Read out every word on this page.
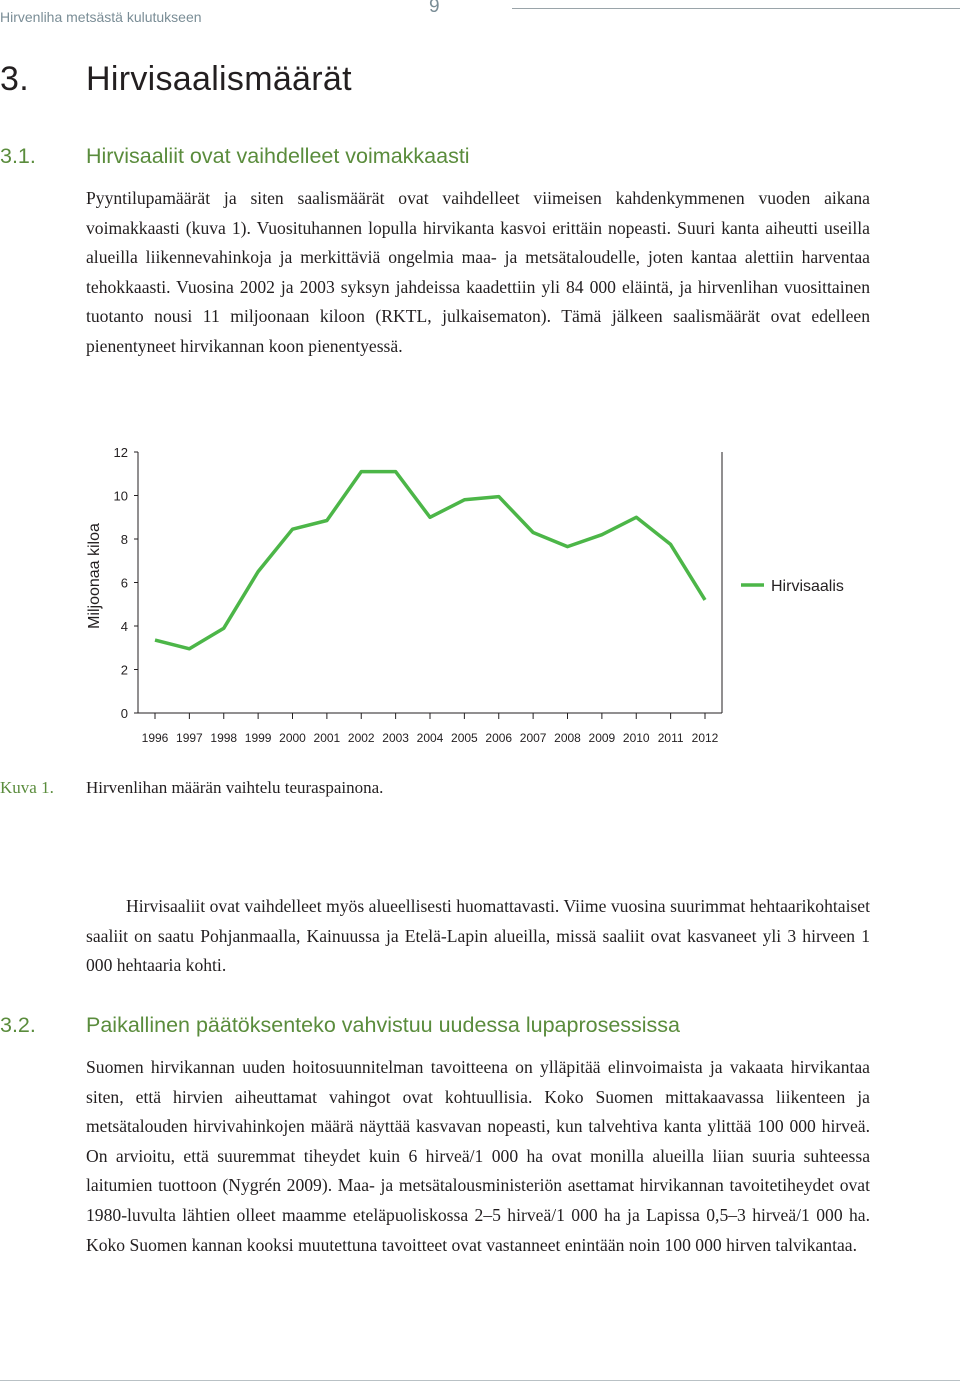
Hirvenliha metsästä kulutukseen	9
3. Hirvisaalismäärät
3.1. Hirvisaaliit ovat vaihdelleet voimakkaasti

Pyyntilupamäärät ja siten saalismäärät ovat vaihdelleet viimeisen kahdenkymmenen vuoden aikana voimakkaasti (kuva 1). Vuosituhannen lopulla hirvikanta kasvoi erittäin nopeasti. Suuri kanta aiheutti useilla alueilla liikennevahinkoja ja merkittäviä ongelmia maa- ja metsätaloudelle, joten kantaa alettiin harventaa tehokkaasti. Vuosina 2002 ja 2003 syksyn jahdeissa kaadettiin yli 84 000 eläintä, ja hirvenlihan vuosittainen tuotanto nousi 11 miljoonaan kiloon (RKTL, julkaisematon). Tämä jälkeen saalismäärät ovat edelleen pienentyneet hirvikannan koon pienentyessä.

Miljoonaa kiloa
0
2
4
6
8
10
12
1996 1997 1998 1999 2000 2001 2002 2003 2004 2005 2006 2007 2008 2009 2010 2011 2012
Hirvisaalis
Kuva 1. Hirvenlihan määrän vaihtelu teuraspainona.

Hirvisaaliit ovat vaihdelleet myös alueellisesti huomattavasti. Viime vuosina suurimmat hehtaarikohtaiset saaliit on saatu Pohjanmaalla, Kainuussa ja Etelä-Lapin alueilla, missä saaliit ovat kasvaneet yli 3 hirveen 1 000 hehtaaria kohti.

3.2. Paikallinen päätöksenteko vahvistuu uudessa lupaprosessissa

Suomen hirvikannan uuden hoitosuunnitelman tavoitteena on ylläpitää elinvoimaista ja vakaata hirvikantaa siten, että hirvien aiheuttamat vahingot ovat kohtuullisia. Koko Suomen mittakaavassa liikenteen ja metsätalouden hirvivahinkojen määrä näyttää kasvavan nopeasti, kun talvehtiva kanta ylittää 100 000 hirveä. On arvioitu, että suuremmat tiheydet kuin 6 hirveä/1 000 ha ovat monilla alueilla liian suuria suhteessa laitumien tuottoon (Nygrén 2009). Maa- ja metsätalousministeriön asettamat hirvikannan tavoitetiheydet ovat 1980-luvulta lähtien olleet maamme eteläpuoliskossa 2–5 hirveä/1 000 ha ja Lapissa 0,5–3 hirveä/1 000 ha. Koko Suomen kannan kooksi muutettuna tavoitteet ovat vastanneet enintään noin 100 000 hirven talvikantaa.
